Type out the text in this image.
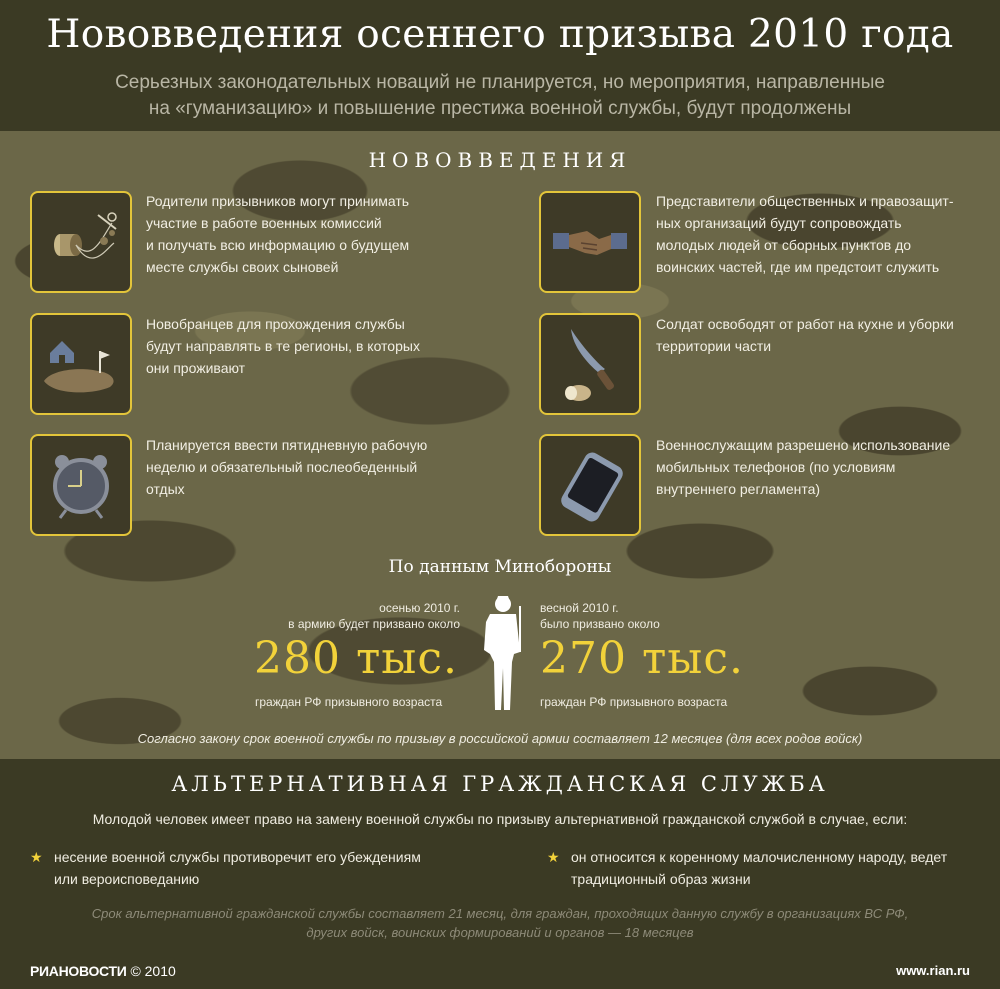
Нововведения осеннего призыва 2010 года
Серьезных законодательных новаций не планируется, но мероприятия, направленные
на «гуманизацию» и повышение престижа военной службы, будут продолжены
НОВОВВЕДЕНИЯ
Родители призывников могут принимать
участие в работе военных комиссий
и получать всю информацию о будущем
месте службы своих сыновей
Представители общественных и правозащит-
ных организаций будут сопровождать
молодых людей от сборных пунктов до
воинских частей, где им предстоит служить
Новобранцев для прохождения службы
будут направлять в те регионы, в которых
они проживают
Солдат освободят от работ на кухне и уборки
территории части
Планируется ввести пятидневную рабочую
неделю и обязательный послеобеденный
отдых
Военнослужащим разрешено использование
мобильных телефонов (по условиям
внутреннего регламента)
По данным Минобороны
осенью 2010 г.
в армию будет призвано около
280 тыс.
граждан РФ призывного возраста
весной 2010 г.
было призвано около
270 тыс.
граждан РФ призывного возраста
Согласно закону срок военной службы по призыву в российской армии составляет 12 месяцев (для всех родов войск)
АЛЬТЕРНАТИВНАЯ ГРАЖДАНСКАЯ СЛУЖБА
Молодой человек имеет право на замену военной службы по призыву альтернативной гражданской службой в случае, если:
★ несение военной службы противоречит его убеждениям
или вероисповеданию
★ он относится к коренному малочисленному народу, ведет
традиционный образ жизни
Срок альтернативной гражданской службы составляет 21 месяц, для граждан, проходящих данную службу в организациях ВС РФ,
других войск, воинских формирований и органов — 18 месяцев
РИАНОВОСТИ © 2010	www.rian.ru
